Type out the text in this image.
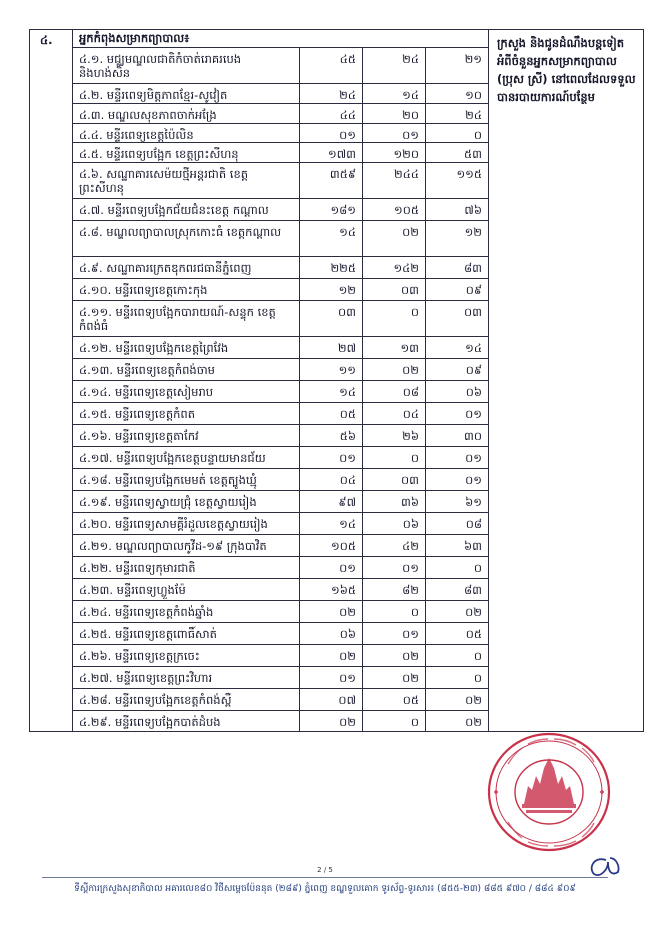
៤.	អ្នកកំពុងសម្រាកព្យាបាល៖				ក្រសួង និងជូនដំណឹងបន្តទៀតអំពីចំនួនអ្នកសម្រាកព្យាបាល (ប្រុស ស្រី) នៅពេលដែលទទួលបានរបាយការណ៍បន្ថែម
	៤.១. មជ្ឈមណ្ឌលជាតិកំចាត់រោគរបេង និងហង់សិន	៤៥	២៤	២១	
	៤.២. មន្ទីរពេទ្យមិត្តភាពខ្មែរ-សូវៀត	២៤	១៤	១០	
	៤.៣. មណ្ឌលសុខភាពចាក់អង្រែ	៤៤	២០	២៤	
	៤.៤. មន្ទីរពេទ្យខេត្តប៉ៃលិន	០១	០១	០	
	៤.៥. មន្ទីរពេទ្យបង្អែក ខេត្តព្រះសីហនុ	១៧៣	១២០	៥៣	
	៤.៦. សណ្ឋាគារសេម៉យថ្មីអន្តរជាតិ ខេត្តព្រះសីហនុ	៣៥៩	២៤៤	១១៥	
	៤.៧. មន្ទីរពេទ្យបង្អែកជ័យជំនះខេត្ត កណ្តាល	១៨១	១០៥	៧៦	
	៤.៨. មណ្ឌលព្យាបាលស្រុកកោះធំ ខេត្តកណ្តាល	១៤	០២	១២	
	៤.៩. សណ្ឋាគារក្រេតឌុកពរជធានីភ្នំពេញ	២២៥	១៤២	៨៣	
	៤.១០. មន្ទីរពេទ្យខេត្តកោះកុង	១២	០៣	០៩	
	៤.១១. មន្ទីរពេទ្យបង្អែកបារាយណ៍-សន្ទុក ខេត្តកំពង់ធំ	០៣	០	០៣	
	៤.១២. មន្ទីរពេទ្យបង្អែកខេត្តព្រៃវែង	២៧	១៣	១៤	
	៤.១៣. មន្ទីរពេទ្យខេត្តកំពង់ចាម	១១	០២	០៩	
	៤.១៤. មន្ទីរពេទ្យខេត្តសៀមរាប	១៤	០៨	០៦	
	៤.១៥. មន្ទីរពេទ្យខេត្តកំពត	០៥	០៤	០១	
	៤.១៦. មន្ទីរពេទ្យខេត្តតាកែវ	៥៦	២៦	៣០	
	៤.១៧. មន្ទីរពេទ្យបង្អែកខេត្តបន្ទាយមានជ័យ	០១	០	០១	
	៤.១៨. មន្ទីរពេទ្យបង្អែកមេមត់ ខេត្តត្បូងឃ្មុំ	០៤	០៣	០១	
	៤.១៩. មន្ទីរពេទ្យស្វាយជ្រុំ ខេត្តស្វាយរៀង	៩៧	៣៦	៦១	
	៤.២០. មន្ទីរពេទ្យសាមគ្គីរំដួលខេត្តស្វាយរៀង	១៤	០៦	០៨	
	៤.២១. មណ្ឌលព្យាបាលកូវីដ-១៩ ក្រុងបាវិត	១០៥	៤២	៦៣	
	៤.២២. មន្ទីរពេទ្យកុមារជាតិ	០១	០១	០	
	៤.២៣. មន្ទីរពេទ្យហ្លួងម៉ែ	១៦៥	៨២	៨៣	
	៤.២៤. មន្ទីរពេទ្យខេត្តកំពង់ឆ្នាំង	០២	០	០២	
	៤.២៥. មន្ទីរពេទ្យខេត្តពោធិ៍សាត់	០៦	០១	០៥	
	៤.២៦. មន្ទីរពេទ្យខេត្តក្រចេះ	០២	០២	០	
	៤.២៧. មន្ទីរពេទ្យខេត្តព្រះវិហារ	០១	០២	០	
	៤.២៨. មន្ទីរពេទ្យបង្អែកខេត្តកំពង់ស្ពឺ	០៧	០៥	០២	
	៤.២៩. មន្ទីរពេទ្យបង្អែកបាត់ដំបង	០២	០	០២	
2 / 5
ទីស្តីការក្រសួងសុខាភិបាល អគារលេខ៨០ វិថីសម្តេចប៉ែននុត (២៨៩) ភ្នំពេញ ខណ្ឌទួលគោក ទូរស័ព្ទ-ទូរសារ៖ (៨៥៥-២៣) ៨៨៥ ៩៧០ / ៨៨៤ ៩០៩
